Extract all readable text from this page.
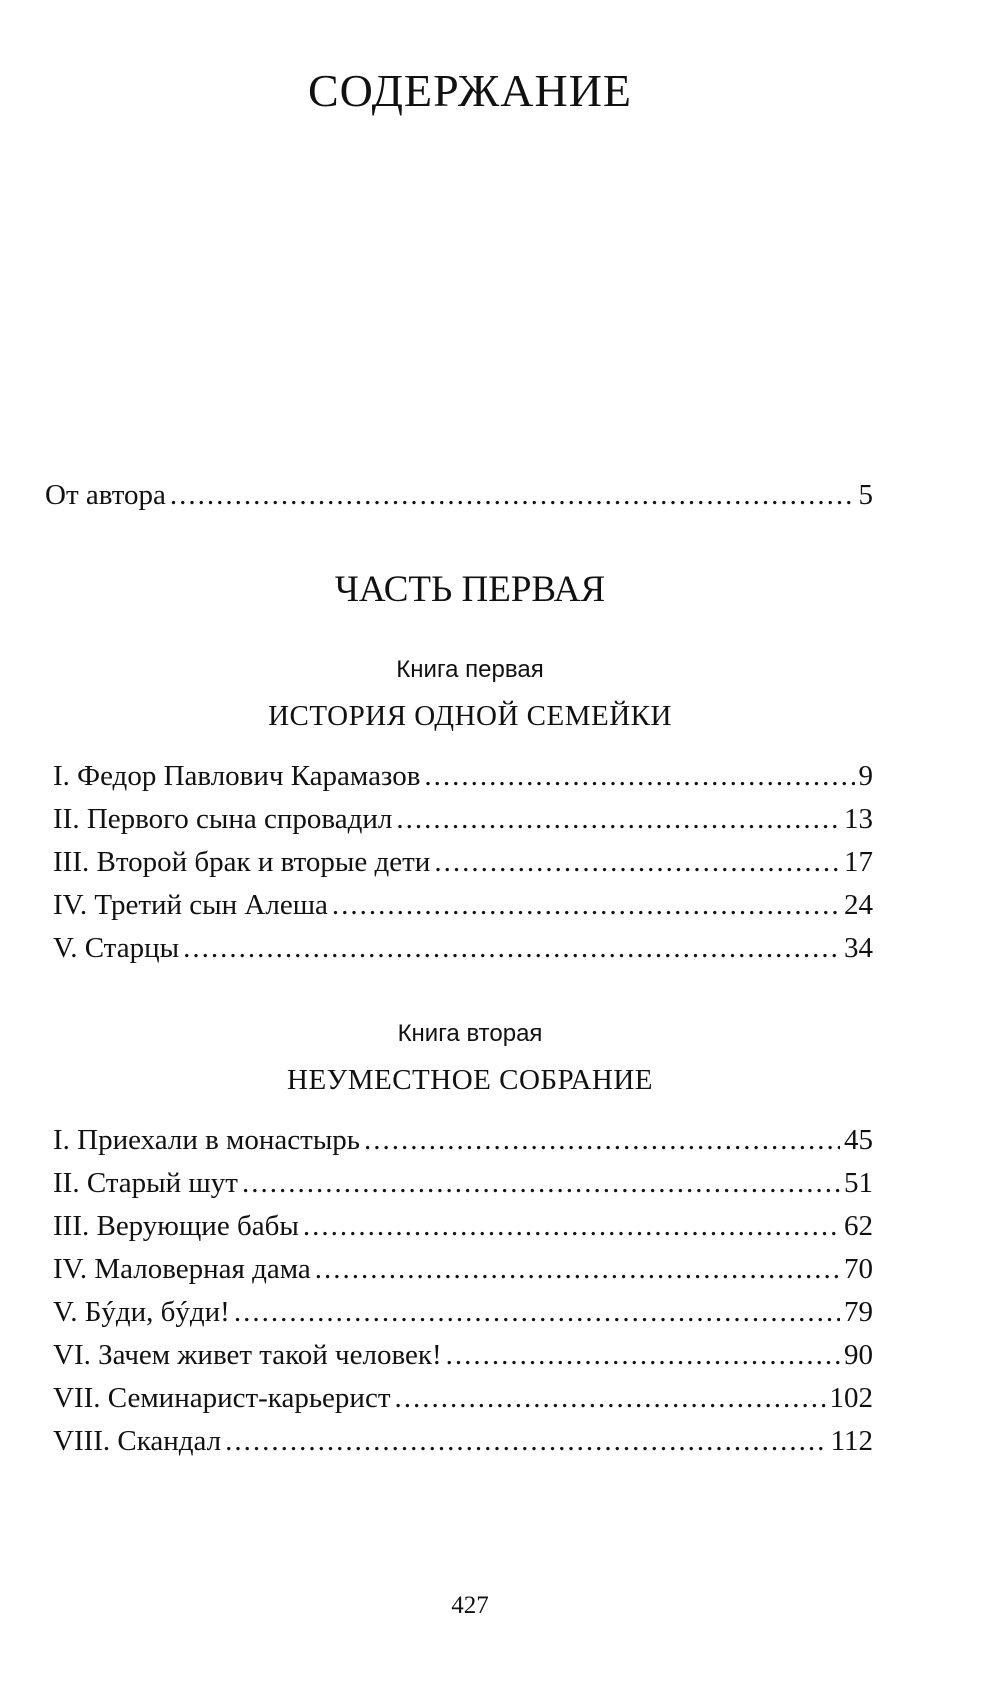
СОДЕРЖАНИЕ
От автора .....	5
ЧАСТЬ ПЕРВАЯ
Книга первая
ИСТОРИЯ ОДНОЙ СЕМЕЙКИ
I. Федор Павлович Карамазов .....	9
II. Первого сына спровадил .....	13
III. Второй брак и вторые дети .....	17
IV. Третий сын Алеша .....	24
V. Старцы .....	34
Книга вторая
НЕУМЕСТНОЕ СОБРАНИЕ
I. Приехали в монастырь .....	45
II. Старый шут .....	51
III. Верующие бабы .....	62
IV. Маловерная дама .....	70
V. Бýди, бýди! .....	79
VI. Зачем живет такой человек! .....	90
VII. Семинарист-карьерист .....	102
VIII. Скандал .....	112
427
